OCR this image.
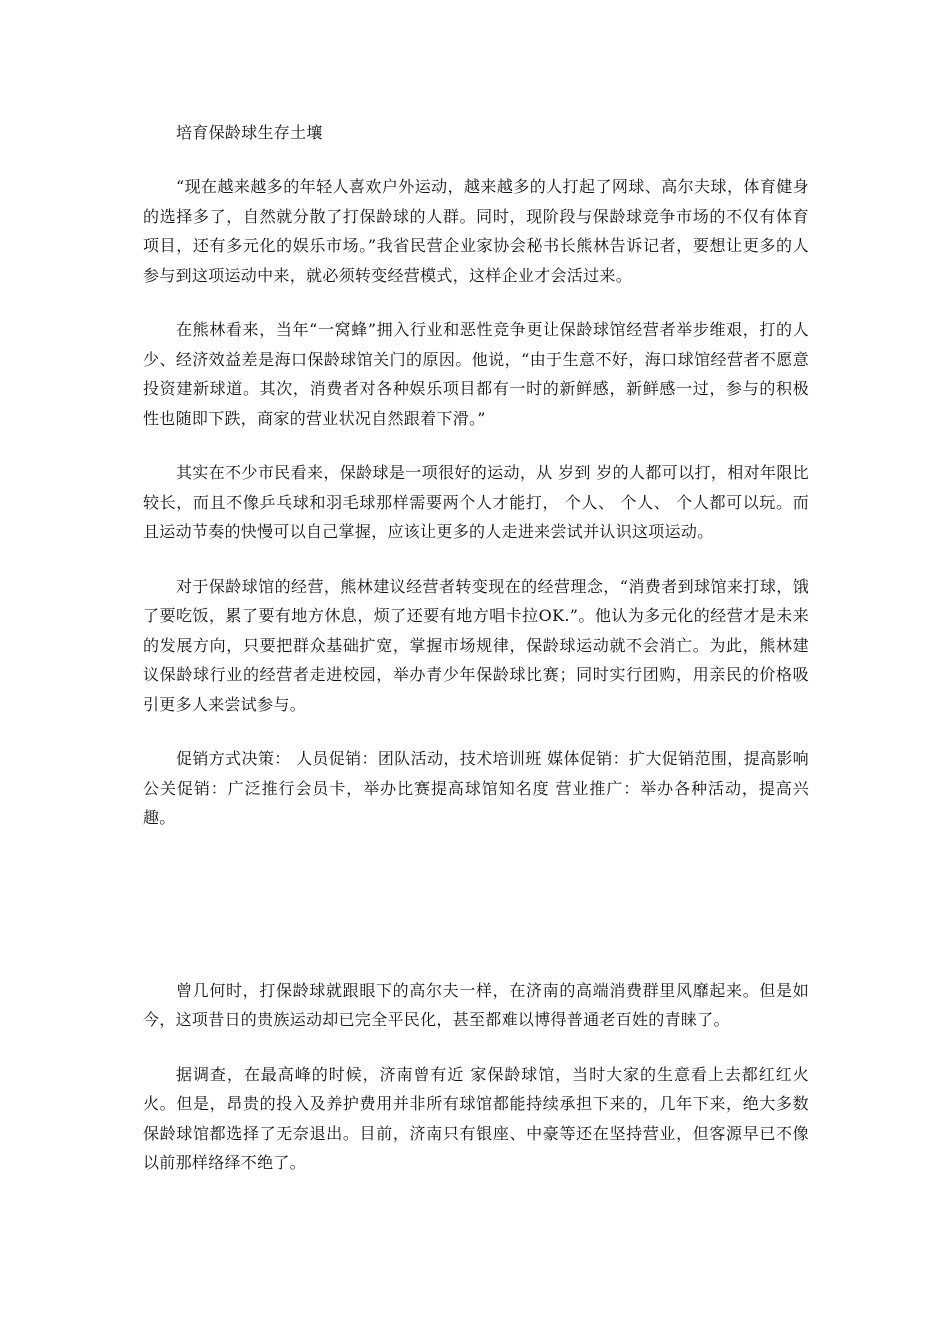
培育保龄球生存土壤

“现在越来越多的年轻人喜欢户外运动，越来越多的人打起了网球、高尔夫球，体育健身的选择多了，自然就分散了打保龄球的人群。同时，现阶段与保龄球竞争市场的不仅有体育项目，还有多元化的娱乐市场。”我省民营企业家协会秘书长熊林告诉记者，要想让更多的人参与到这项运动中来，就必须转变经营模式，这样企业才会活过来。

在熊林看来，当年“一窝蜂”拥入行业和恶性竞争更让保龄球馆经营者举步维艰，打的人少、经济效益差是海口保龄球馆关门的原因。他说，“由于生意不好，海口球馆经营者不愿意投资建新球道。其次，消费者对各种娱乐项目都有一时的新鲜感，新鲜感一过，参与的积极性也随即下跌，商家的营业状况自然跟着下滑。”

其实在不少市民看来，保龄球是一项很好的运动，从 岁到 岁的人都可以打，相对年限比较长，而且不像乒乓球和羽毛球那样需要两个人才能打， 个人、 个人、 个人都可以玩。而且运动节奏的快慢可以自己掌握，应该让更多的人走进来尝试并认识这项运动。

对于保龄球馆的经营，熊林建议经营者转变现在的经营理念，“消费者到球馆来打球，饿了要吃饭，累了要有地方休息，烦了还要有地方唱卡拉OK.”。他认为多元化的经营才是未来的发展方向，只要把群众基础扩宽，掌握市场规律，保龄球运动就不会消亡。为此，熊林建议保龄球行业的经营者走进校园，举办青少年保龄球比赛；同时实行团购，用亲民的价格吸引更多人来尝试参与。

促销方式决策： 人员促销：团队活动，技术培训班 媒体促销：扩大促销范围，提高影响 公关促销：广泛推行会员卡，举办比赛提高球馆知名度 营业推广：举办各种活动，提高兴趣。

曾几何时，打保龄球就跟眼下的高尔夫一样，在济南的高端消费群里风靡起来。但是如今，这项昔日的贵族运动却已完全平民化，甚至都难以博得普通老百姓的青睐了。

据调查，在最高峰的时候，济南曾有近 家保龄球馆，当时大家的生意看上去都红红火火。但是，昂贵的投入及养护费用并非所有球馆都能持续承担下来的，几年下来，绝大多数保龄球馆都选择了无奈退出。目前，济南只有银座、中豪等还在坚持营业，但客源早已不像以前那样络绎不绝了。
